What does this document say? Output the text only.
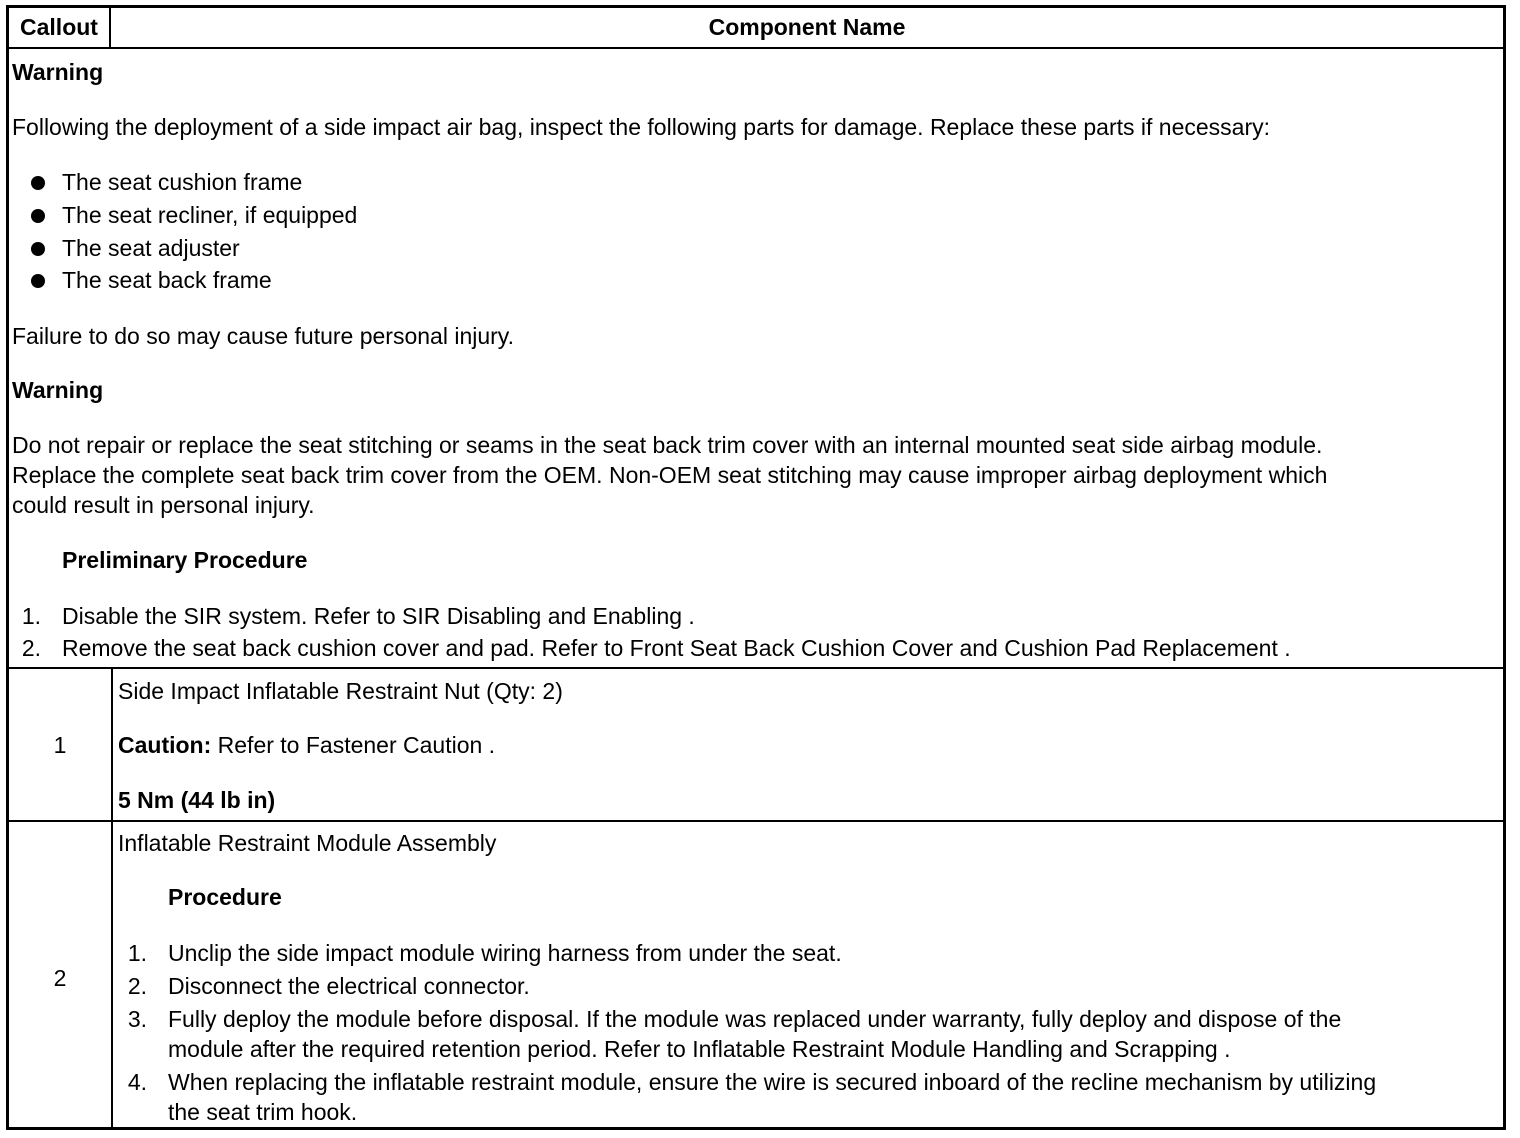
Callout	Component Name
Warning
Following the deployment of a side impact air bag, inspect the following parts for damage. Replace these parts if necessary:
The seat cushion frame
The seat recliner, if equipped
The seat adjuster
The seat back frame
Failure to do so may cause future personal injury.
Warning
Do not repair or replace the seat stitching or seams in the seat back trim cover with an internal mounted seat side airbag module.
Replace the complete seat back trim cover from the OEM. Non-OEM seat stitching may cause improper airbag deployment which
could result in personal injury.
Preliminary Procedure
1. Disable the SIR system. Refer to SIR Disabling and Enabling .
2. Remove the seat back cushion cover and pad. Refer to Front Seat Back Cushion Cover and Cushion Pad Replacement .
1
Side Impact Inflatable Restraint Nut (Qty: 2)
Caution: Refer to Fastener Caution .
5 Nm (44 lb in)
2
Inflatable Restraint Module Assembly
Procedure
1. Unclip the side impact module wiring harness from under the seat.
2. Disconnect the electrical connector.
3. Fully deploy the module before disposal. If the module was replaced under warranty, fully deploy and dispose of the
module after the required retention period. Refer to Inflatable Restraint Module Handling and Scrapping .
4. When replacing the inflatable restraint module, ensure the wire is secured inboard of the recline mechanism by utilizing
the seat trim hook.
